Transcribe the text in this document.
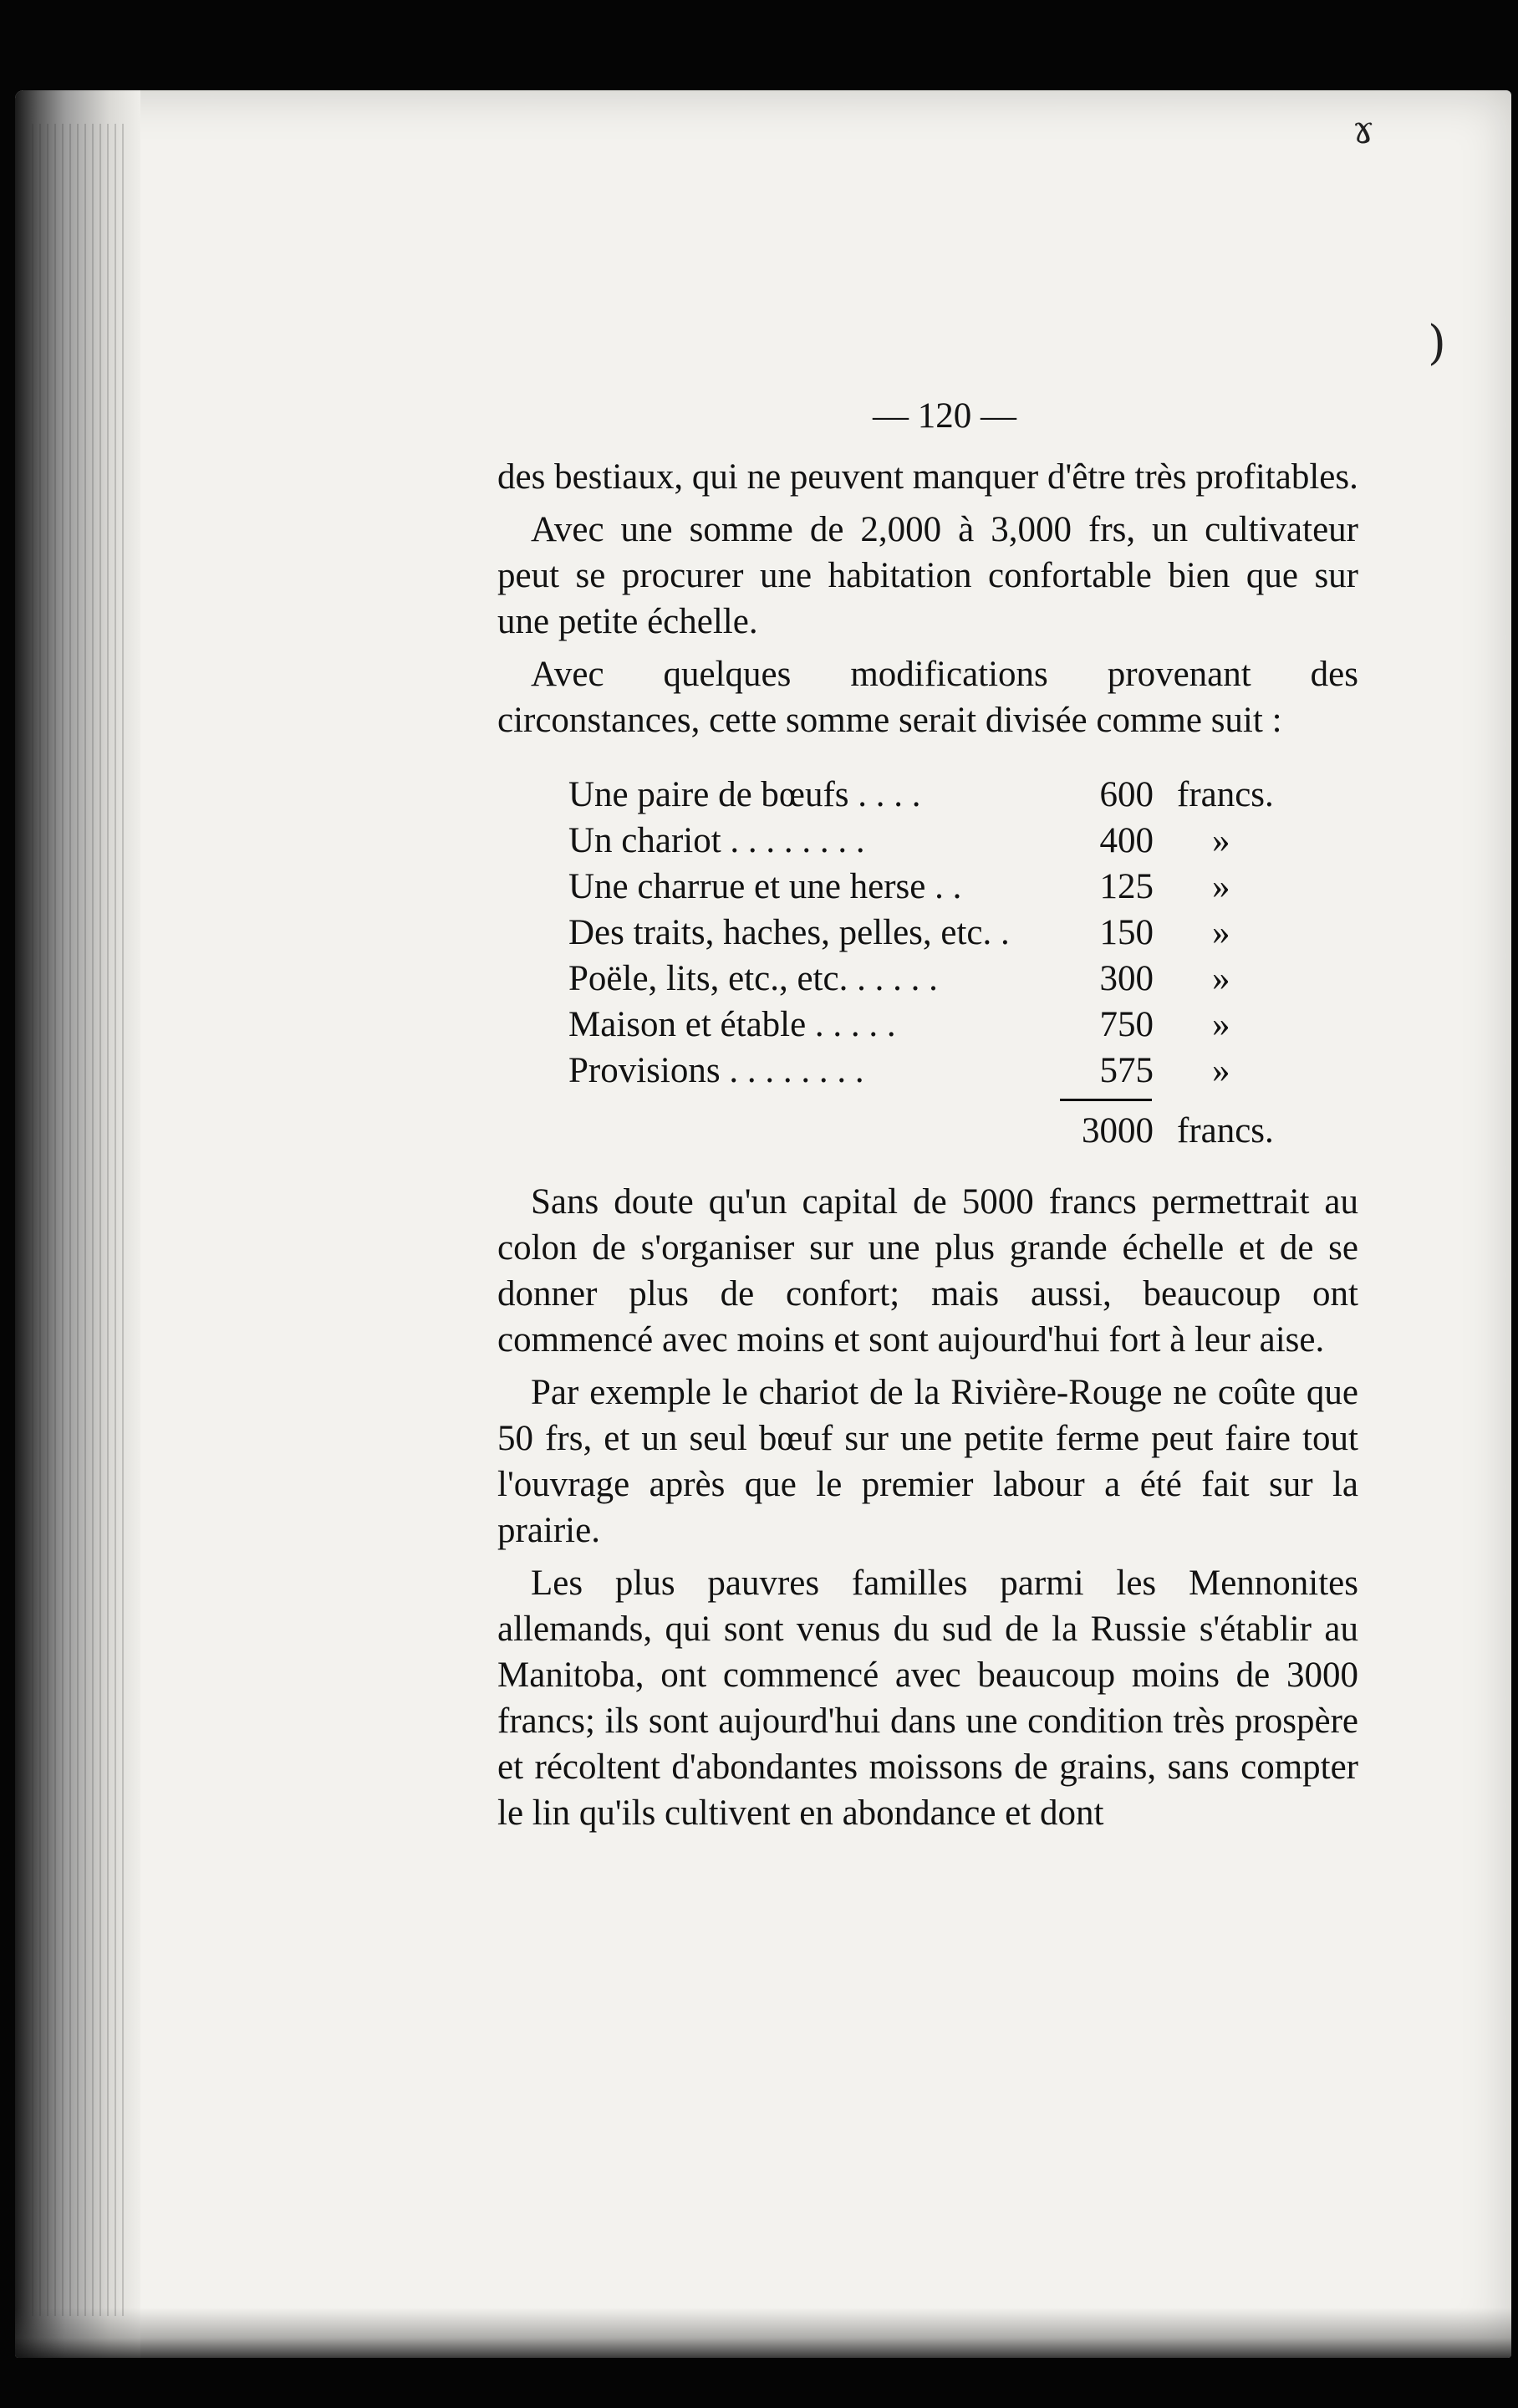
ɤ
)
— 120 —

des bestiaux, qui ne peuvent manquer d'être très profitables.

Avec une somme de 2,000 à 3,000 frs, un cultivateur peut se procurer une habitation confortable bien que sur une petite échelle.

Avec quelques modifications provenant des circonstances, cette somme serait divisée comme suit :

Une paire de bœufs . . . .	600 francs.
Un chariot . . . . . . . .	400	»
Une charrue et une herse . .	125	»
Des traits, haches, pelles, etc. .	150	»
Poële, lits, etc., etc. . . . . .	300	»
Maison et étable . . . . .	750	»
Provisions . . . . . . . .	575	»
3000 francs.

Sans doute qu'un capital de 5000 francs permettrait au colon de s'organiser sur une plus grande échelle et de se donner plus de confort; mais aussi, beaucoup ont commencé avec moins et sont aujourd'hui fort à leur aise.

Par exemple le chariot de la Rivière-Rouge ne coûte que 50 frs, et un seul bœuf sur une petite ferme peut faire tout l'ouvrage après que le premier labour a été fait sur la prairie.

Les plus pauvres familles parmi les Mennonites allemands, qui sont venus du sud de la Russie s'établir au Manitoba, ont commencé avec beaucoup moins de 3000 francs; ils sont aujourd'hui dans une condition très prospère et récoltent d'abondantes moissons de grains, sans compter le lin qu'ils cultivent en abondance et dont
